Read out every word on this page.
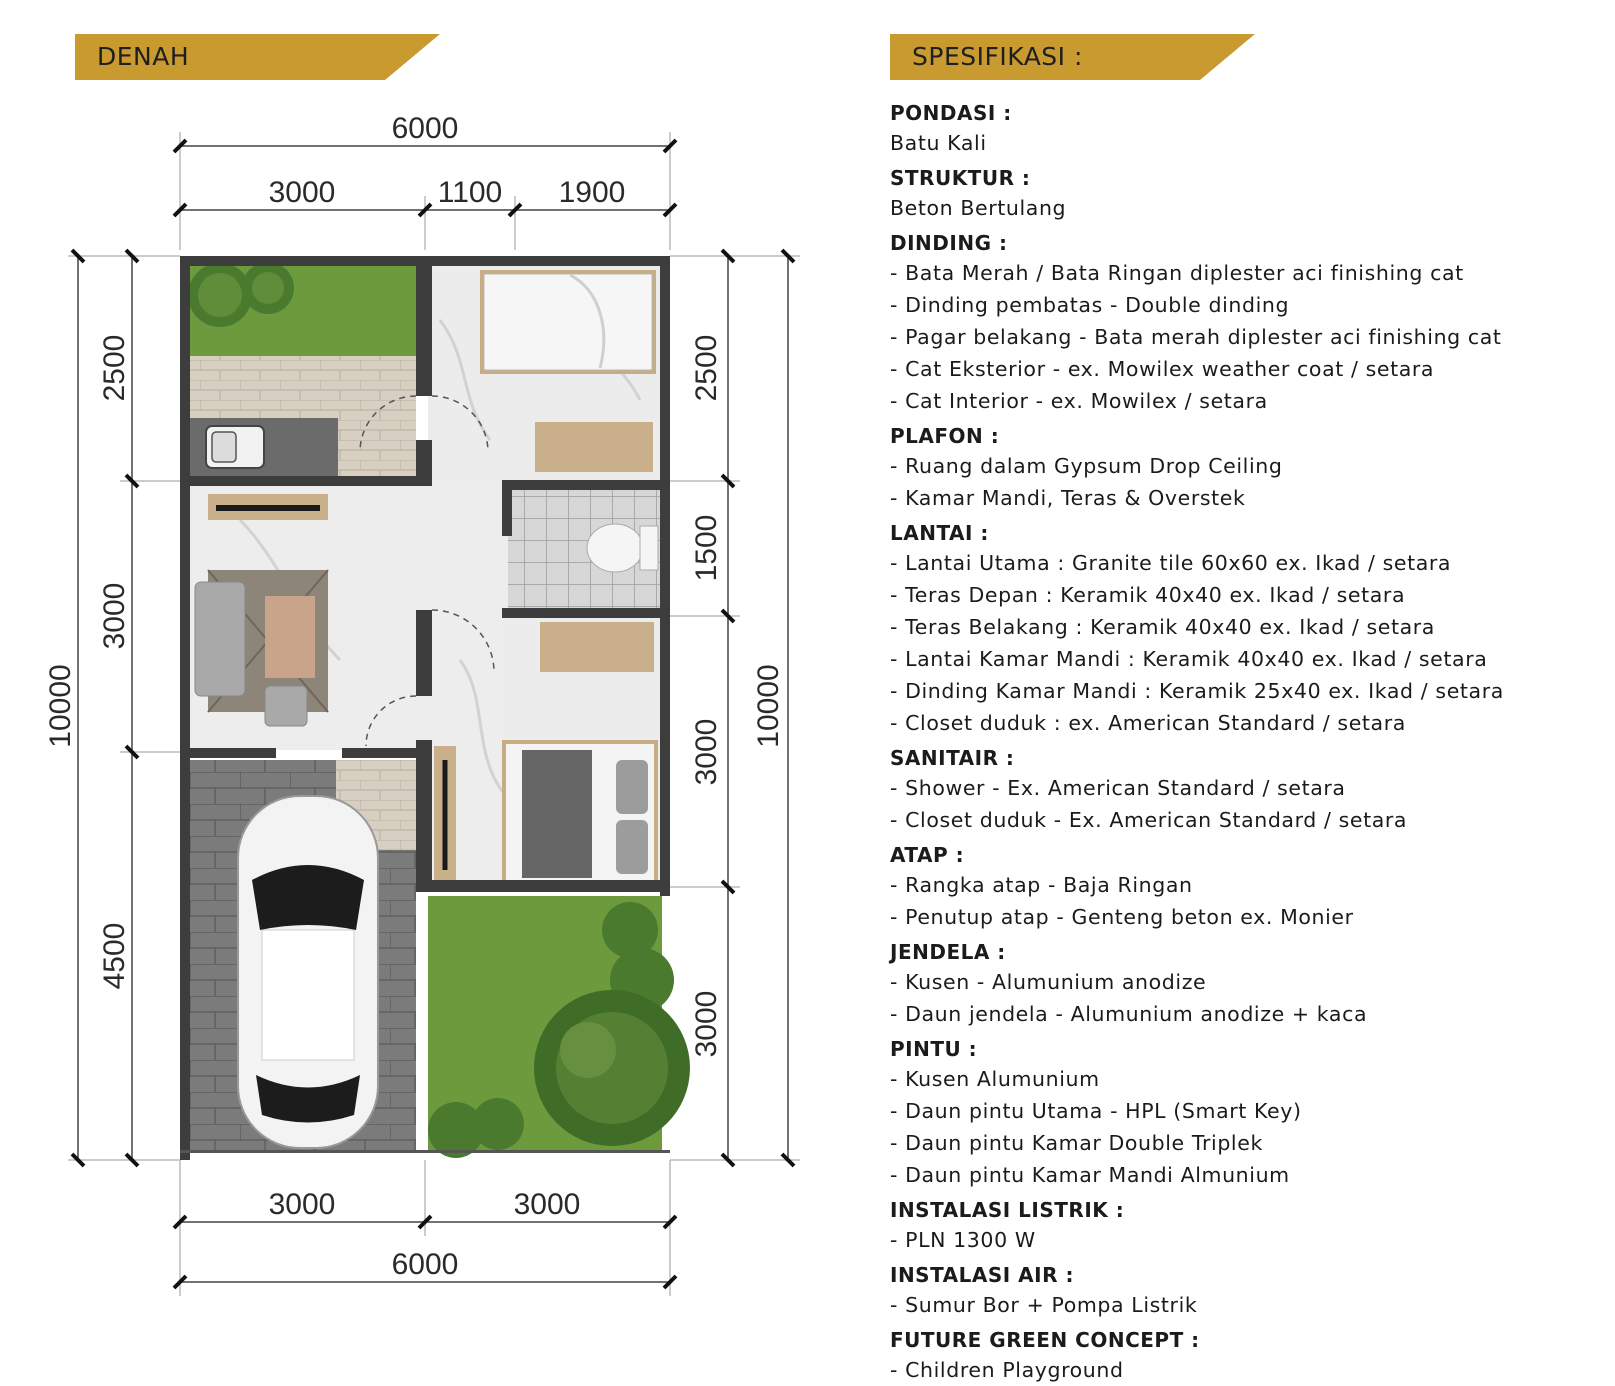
DENAH	SPESIFIKASI :
6000
3000	1100 1900
10000
2500
3000
4500
2500
1500
3000
3000
10000
3000	3000
6000
PONDASI :
Batu Kali
STRUKTUR :
Beton Bertulang
DINDING :
- Bata Merah / Bata Ringan diplester aci finishing cat
- Dinding pembatas - Double dinding
- Pagar belakang - Bata merah diplester aci finishing cat
- Cat Eksterior - ex. Mowilex weather coat / setara
- Cat Interior - ex. Mowilex / setara
PLAFON :
- Ruang dalam Gypsum Drop Ceiling
- Kamar Mandi, Teras & Overstek
LANTAI :
- Lantai Utama : Granite tile 60x60 ex. Ikad / setara
- Teras Depan : Keramik 40x40 ex. Ikad / setara
- Teras Belakang : Keramik 40x40 ex. Ikad / setara
- Lantai Kamar Mandi : Keramik 40x40 ex. Ikad / setara
- Dinding Kamar Mandi : Keramik 25x40 ex. Ikad / setara
- Closet duduk : ex. American Standard / setara
SANITAIR :
- Shower - Ex. American Standard / setara
- Closet duduk - Ex. American Standard / setara
ATAP :
- Rangka atap - Baja Ringan
- Penutup atap - Genteng beton ex. Monier
JENDELA :
- Kusen - Alumunium anodize
- Daun jendela - Alumunium anodize + kaca
PINTU :
- Kusen Alumunium
- Daun pintu Utama - HPL (Smart Key)
- Daun pintu Kamar Double Triplek
- Daun pintu Kamar Mandi Almunium
INSTALASI LISTRIK :
- PLN 1300 W
INSTALASI AIR :
- Sumur Bor + Pompa Listrik
FUTURE GREEN CONCEPT :
- Children Playground
